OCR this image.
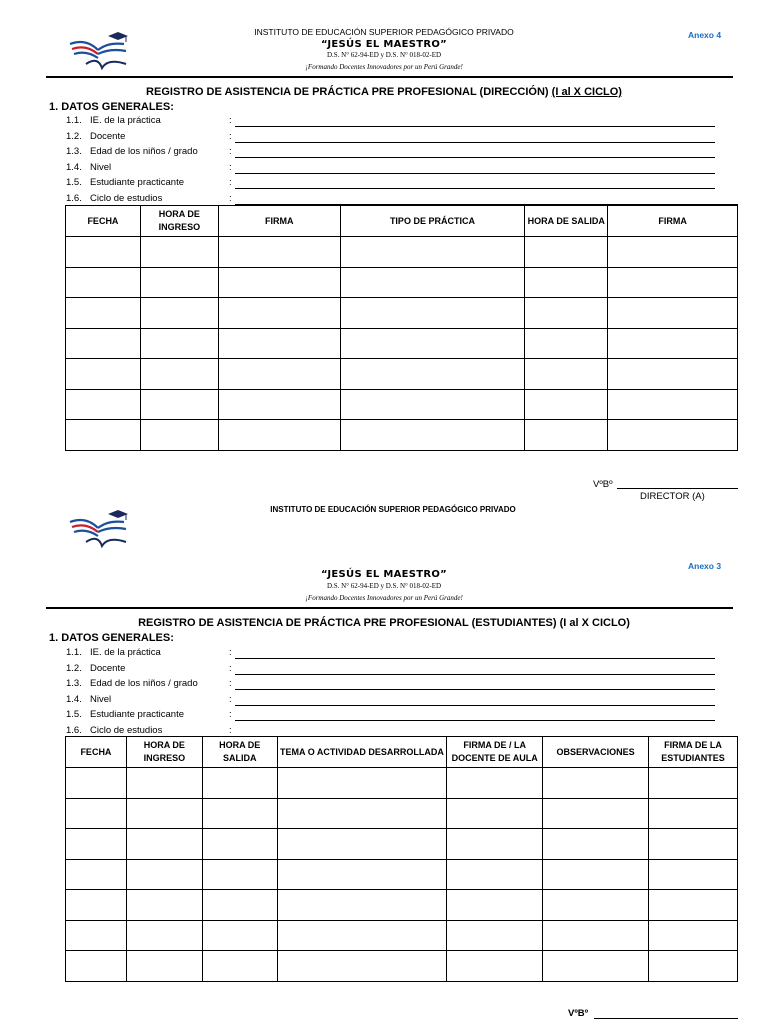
INSTITUTO DE EDUCACIÓN SUPERIOR PEDAGÓGICO PRIVADO
“JESÚS EL MAESTRO”
D.S. N° 62-94-ED y D.S. N° 018-02-ED
¡Formando Docentes Innovadores por un Perú Grande!
Anexo 4
REGISTRO DE ASISTENCIA DE PRÁCTICA PRE PROFESIONAL (DIRECCIÓN) (I al X CICLO)
1. DATOS GENERALES:
1.1. IE. de la práctica	:
1.2. Docente	:
1.3. Edad de los niños / grado	:
1.4. Nivel	:
1.5. Estudiante practicante	:
1.6. Ciclo de estudios	:
FECHA	HORA DE INGRESO	FIRMA	TIPO DE PRÁCTICA	HORA DE SALIDA	FIRMA

VºBº
DIRECTOR (A)
INSTITUTO DE EDUCACIÓN SUPERIOR PEDAGÓGICO PRIVADO
Anexo 3
“JESÚS EL MAESTRO”
D.S. N° 62-94-ED y D.S. N° 018-02-ED
¡Formando Docentes Innovadores por un Perú Grande!
REGISTRO DE ASISTENCIA DE PRÁCTICA PRE PROFESIONAL (ESTUDIANTES) (I al X CICLO)
1. DATOS GENERALES:
1.1. IE. de la práctica	:
1.2. Docente	:
1.3. Edad de los niños / grado	:
1.4. Nivel	:
1.5. Estudiante practicante	:
1.6. Ciclo de estudios	:
FECHA	HORA DE INGRESO	HORA DE SALIDA	TEMA O ACTIVIDAD DESARROLLADA	FIRMA DE / LA DOCENTE DE AULA	OBSERVACIONES	FIRMA DE LA ESTUDIANTES

VºBº
